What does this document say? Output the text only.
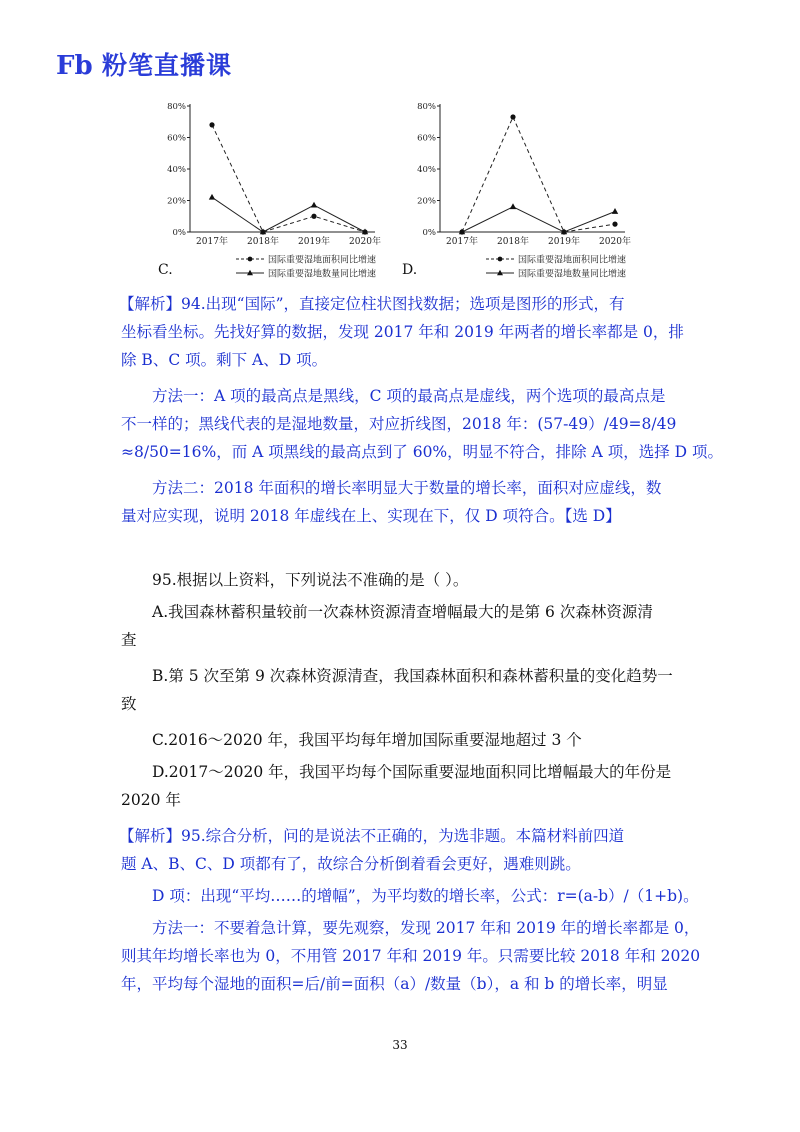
Fb 粉笔直播课
0%
20%
40%
60%
80%
2017年 2018年 2019年 2020年
国际重要湿地面积同比增速
国际重要湿地数量同比增速
0%
20%
40%
60%
80%
2017年 2018年 2019年 2020年
国际重要湿地面积同比增速
国际重要湿地数量同比增速
C.	D.
【解析】94.出现“国际”，直接定位柱状图找数据；选项是图形的形式，有
坐标看坐标。先找好算的数据，发现 2017 年和 2019 年两者的增长率都是 0，排
除 B、C 项。剩下 A、D 项。
方法一：A 项的最高点是黑线，C 项的最高点是虚线，两个选项的最高点是
不一样的；黑线代表的是湿地数量，对应折线图，2018 年：(57-49）/49=8/49
≈8/50=16%，而 A 项黑线的最高点到了 60%，明显不符合，排除 A 项，选择 D 项。
方法二：2018 年面积的增长率明显大于数量的增长率，面积对应虚线，数
量对应实现，说明 2018 年虚线在上、实现在下，仅 D 项符合。【选 D】
95.根据以上资料，下列说法不准确的是（ ）。
A.我国森林蓄积量较前一次森林资源清查增幅最大的是第 6 次森林资源清
查
B.第 5 次至第 9 次森林资源清查，我国森林面积和森林蓄积量的变化趋势一
致
C.2016～2020 年，我国平均每年增加国际重要湿地超过 3 个
D.2017～2020 年，我国平均每个国际重要湿地面积同比增幅最大的年份是
2020 年
【解析】95.综合分析，问的是说法不正确的，为选非题。本篇材料前四道
题 A、B、C、D 项都有了，故综合分析倒着看会更好，遇难则跳。
D 项：出现“平均……的增幅”，为平均数的增长率，公式：r=(a-b）/（1+b)。
方法一：不要着急计算，要先观察，发现 2017 年和 2019 年的增长率都是 0，
则其年均增长率也为 0，不用管 2017 年和 2019 年。只需要比较 2018 年和 2020
年，平均每个湿地的面积=后/前=面积（a）/数量（b），a 和 b 的增长率，明显
33
